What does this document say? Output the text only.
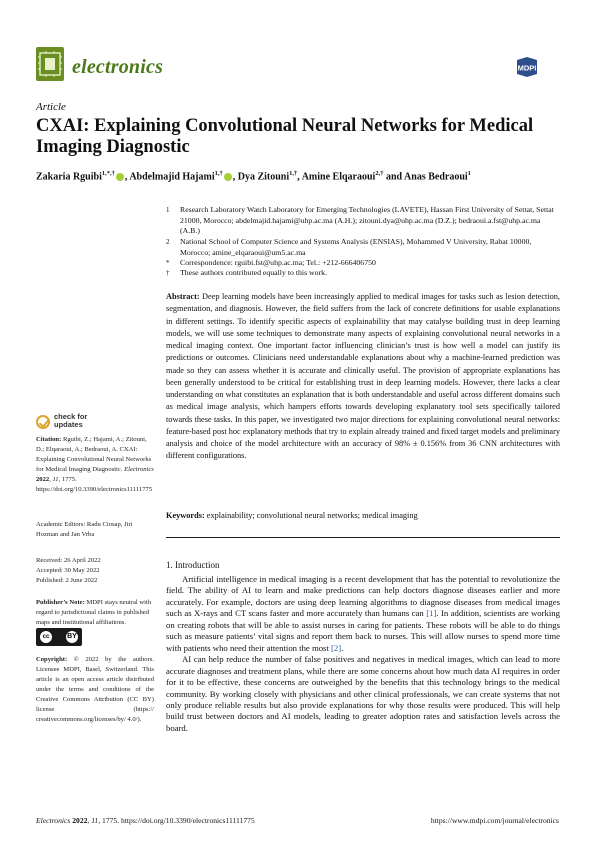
electronics	MDPI
Article
CXAI: Explaining Convolutional Neural Networks for Medical Imaging Diagnostic
Zakaria Rguibi$^{1,*,\dagger}$ , Abdelmajid Hajami$^{1,\dagger}$ , Dya Zitouni$^{1,\dagger}$, Amine Elqaraoui$^{2,\dagger}$ and Anas Bedraoui$^1$
1	Research Laboratory Watch Laboratory for Emerging Technologies (LAVETE), Hassan First University of Settat, Settat 21000, Morocco; abdelmajid.hajami@uhp.ac.ma (A.H.); zitouni.dya@uhp.ac.ma (D.Z.); bedraoui.a.fst@uhp.ac.ma (A.B.)
2	National School of Computer Science and Systems Analysis (ENSIAS), Mohammed V University, Rabat 10000, Morocco; amine_elqaraoui@um5.ac.ma
*	Correspondence: rguibi.fst@uhp.ac.ma; Tel.: +212-666406750
†	These authors contributed equally to this work.
Abstract: Deep learning models have been increasingly applied to medical images for tasks such as lesion detection, segmentation, and diagnosis. However, the field suffers from the lack of concrete definitions for usable explanations in different settings. To identify specific aspects of explainability that may catalyse building trust in deep learning models, we will use some techniques to demonstrate many aspects of explaining convolutional neural networks in a medical imaging context. One important factor influencing clinician’s trust is how well a model can justify its predictions or outcomes. Clinicians need understandable explanations about why a machine-learned prediction was made so they can assess whether it is accurate and clinically useful. The provision of appropriate explanations has been generally understood to be critical for establishing trust in deep learning models. However, there lacks a clear understanding on what constitutes an explanation that is both understandable and useful across different domains such as medical image analysis, which hampers efforts towards developing explanatory tool sets specifically tailored towards these tasks. In this paper, we investigated two major directions for explaining convolutional neural networks: feature-based post hoc explanatory methods that try to explain already trained and fixed target models and preliminary analysis and choice of the model architecture with an accuracy of 98% ± 0.156% from 36 CNN architectures with different configurations.
Keywords: explainability; convolutional neural networks; medical imaging
1. Introduction

Artificial intelligence in medical imaging is a recent development that has the potential to revolutionize the field. The ability of AI to learn and make predictions can help doctors diagnose diseases earlier and more accurately. For example, doctors are using deep learning algorithms to diagnose diseases from medical images such as X-rays and CT scans faster and more accurately than humans can [1]. In addition, scientists are working on creating robots that will be able to assist nurses in caring for patients. These robots will be able to do things such as measure patients’ vital signs and report them back to nurses. This will allow nurses to spend more time with patients who need their attention the most [2].

AI can help reduce the number of false positives and negatives in medical images, which can lead to more accurate diagnoses and treatment plans, while there are some concerns about how much data AI requires in order for it to be effective, these concerns are outweighed by the benefits that this technology brings to the medical community. By working closely with physicians and other clinical professionals, we can create systems that not only produce reliable results but also provide explanations for why those results were produced. This will help build trust between doctors and AI models, leading to greater adoption rates and satisfaction levels across the board.

check for
updates
Citation: Rguibi, Z.; Hajami, A.; Zitouni, D.; Elqaraoui, A.; Bedraoui, A. CXAI: Explaining Convolutional Neural Networks for Medical Imaging Diagnostic. Electronics 2022, 11, 1775. https://doi.org/10.3390/electronics11111775
Academic Editors: Radu Ciosap, Jiri Hozman and Jan Vrba
Received: 26 April 2022
Accepted: 30 May 2022
Published: 2 June 2022
Publisher’s Note: MDPI stays neutral with regard to jurisdictional claims in published maps and institutional affiliations.
cc	BY
Copyright: © 2022 by the authors. Licensee MDPI, Basel, Switzerland. This article is an open access article distributed under the terms and conditions of the Creative Commons Attribution (CC BY) license (https:// creativecommons.org/licenses/by/ 4.0/).
Electronics 2022, 11, 1775. https://doi.org/10.3390/electronics11111775	https://www.mdpi.com/journal/electronics
